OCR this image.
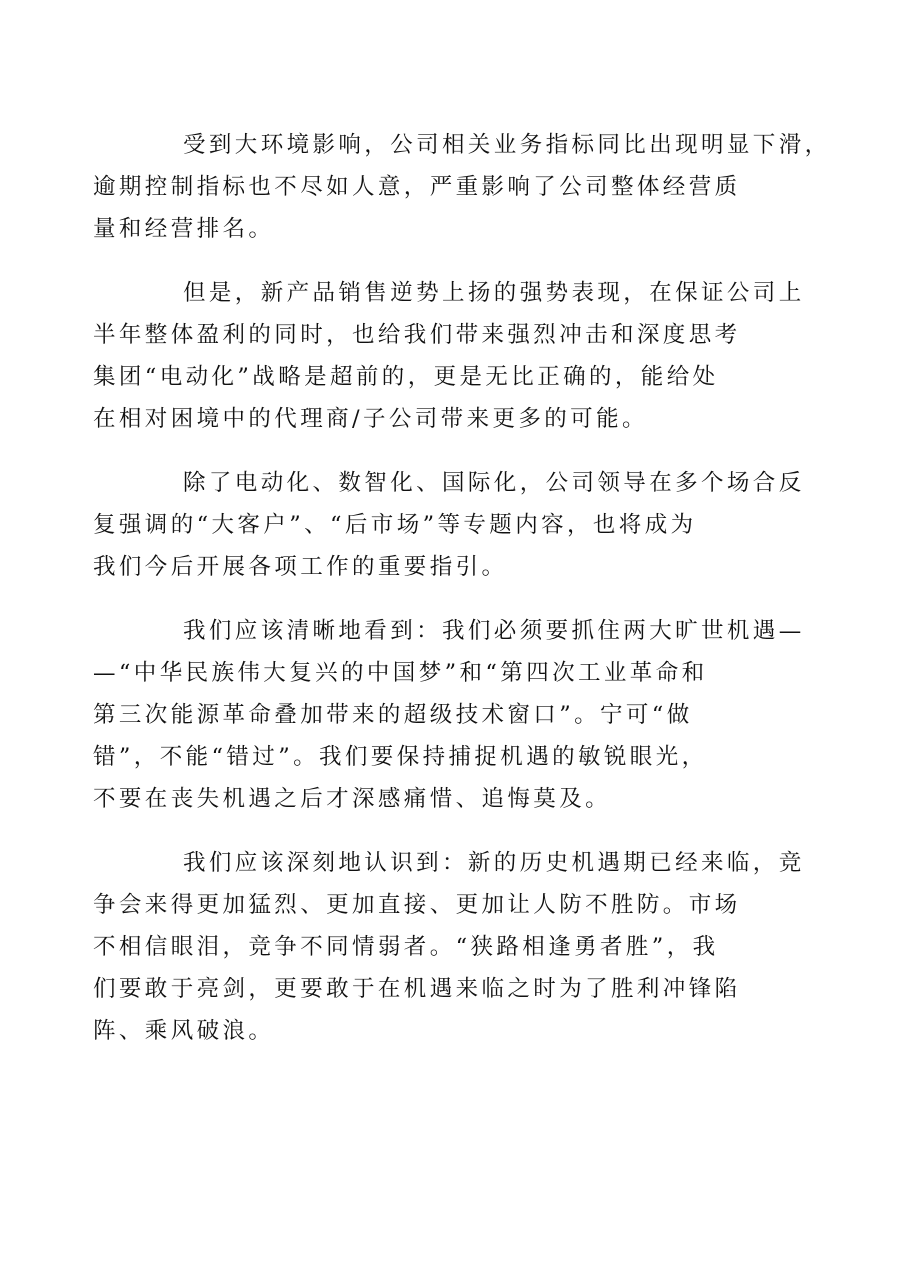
受到大环境影响，公司相关业务指标同比出现明显下滑，
逾期控制指标也不尽如人意，严重影响了公司整体经营质
量和经营排名。

但是，新产品销售逆势上扬的强势表现，在保证公司上
半年整体盈利的同时，也给我们带来强烈冲击和深度思考
集团“电动化”战略是超前的，更是无比正确的，能给处
在相对困境中的代理商/子公司带来更多的可能。

除了电动化、数智化、国际化，公司领导在多个场合反
复强调的“大客户”、“后市场”等专题内容，也将成为
我们今后开展各项工作的重要指引。

我们应该清晰地看到：我们必须要抓住两大旷世机遇—
—“中华民族伟大复兴的中国梦”和“第四次工业革命和
第三次能源革命叠加带来的超级技术窗口”。宁可“做
错”，不能“错过”。我们要保持捕捉机遇的敏锐眼光，
不要在丧失机遇之后才深感痛惜、追悔莫及。

我们应该深刻地认识到：新的历史机遇期已经来临，竞
争会来得更加猛烈、更加直接、更加让人防不胜防。市场
不相信眼泪，竞争不同情弱者。“狭路相逢勇者胜”，我
们要敢于亮剑，更要敢于在机遇来临之时为了胜利冲锋陷
阵、乘风破浪。
